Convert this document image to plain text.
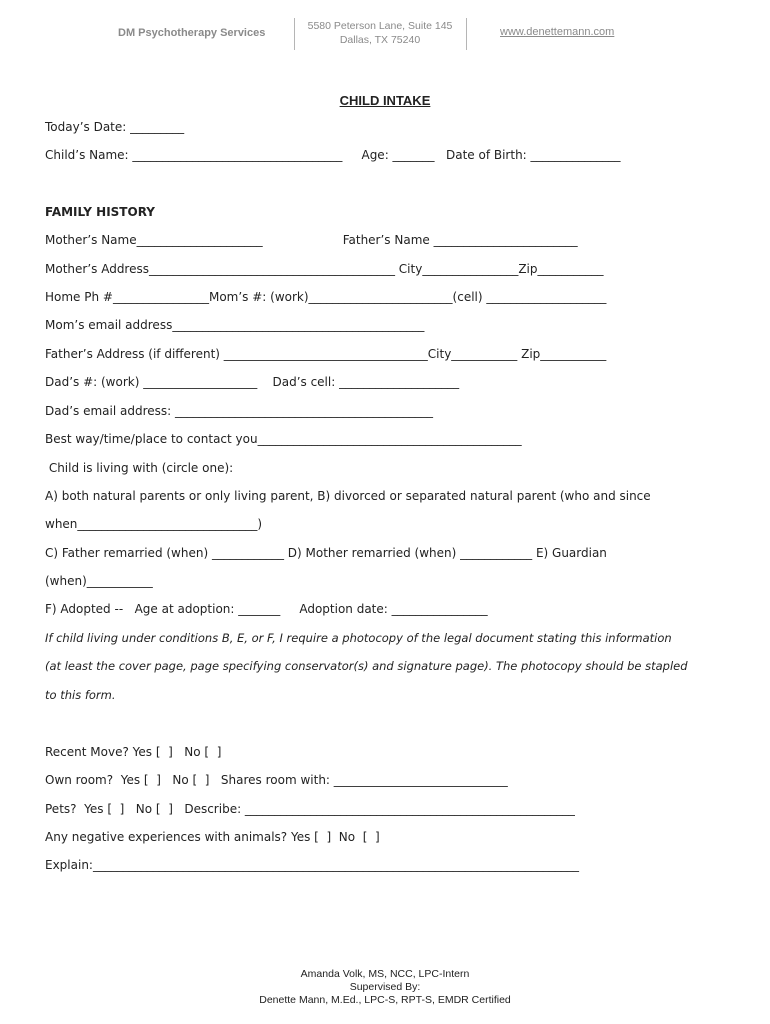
DM Psychotherapy Services
5580 Peterson Lane, Suite 145
Dallas, TX 75240
www.denettemann.com
CHILD INTAKE
Today’s Date: _________
Child’s Name: ___________________________________     Age: _______   Date of Birth: _______________
FAMILY HISTORY
Mother’s Name_____________________                     Father’s Name ________________________
Mother’s Address_________________________________________ City________________Zip___________
Home Ph #________________Mom’s #: (work)________________________(cell) ____________________
Mom’s email address__________________________________________
Father’s Address (if different) __________________________________City___________ Zip___________
Dad’s #: (work) ___________________    Dad’s cell: ____________________
Dad’s email address: ___________________________________________
Best way/time/place to contact you____________________________________________
Child is living with (circle one):
A) both natural parents or only living parent, B) divorced or separated natural parent (who and since
when______________________________)
C) Father remarried (when) ____________ D) Mother remarried (when) ____________ E) Guardian
(when)___________
F) Adopted --   Age at adoption: _______     Adoption date: ________________
If child living under conditions B, E, or F, I require a photocopy of the legal document stating this information
(at least the cover page, page specifying conservator(s) and signature page). The photocopy should be stapled
to this form.
Recent Move? Yes [  ]   No [  ]
Own room?  Yes [  ]   No [  ]   Shares room with: _____________________________
Pets?  Yes [  ]   No [  ]   Describe: _______________________________________________________
Any negative experiences with animals? Yes [  ]  No  [  ]
Explain:_________________________________________________________________________________
Amanda Volk, MS, NCC, LPC-Intern
Supervised By:
Denette Mann, M.Ed., LPC-S, RPT-S, EMDR Certified
